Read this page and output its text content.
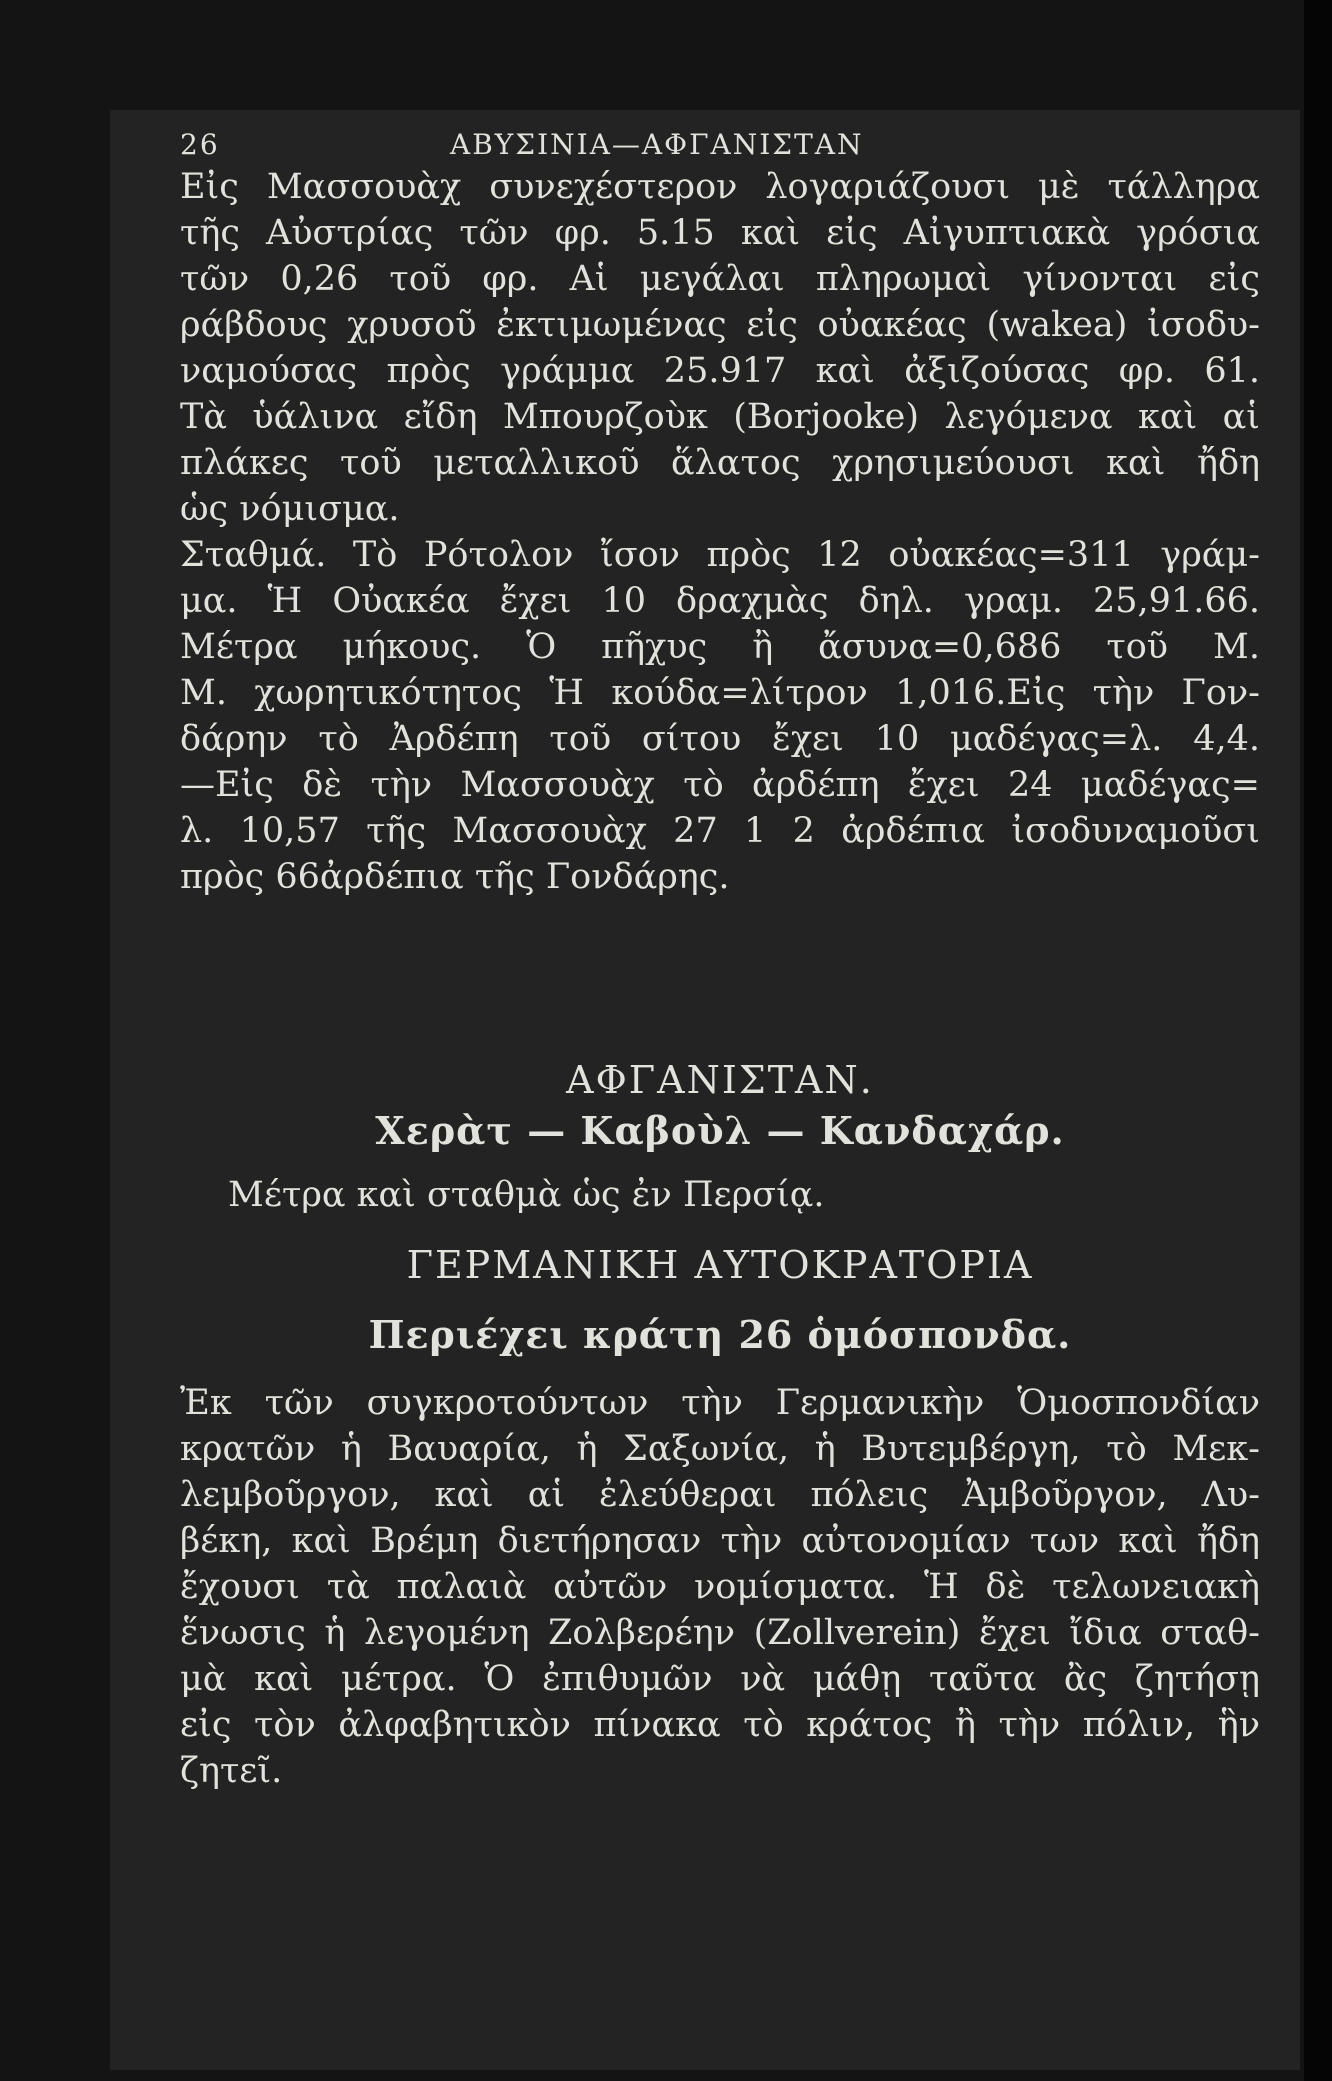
26	ΑΒΥΣΙΝΙΑ—ΑΦΓΑΝΙΣΤΑΝ
Εἰς Μασσουὰχ συνεχέστερον λογαριάζουσι μὲ τάλληρα
τῆς Αὐστρίας τῶν φρ. 5.15 καὶ εἰς Αἰγυπτιακὰ γρόσια
τῶν 0,26 τοῦ φρ. Αἱ μεγάλαι πληρωμαὶ γίνονται εἰς
ράβδους χρυσοῦ ἐκτιμωμένας εἰς οὐακέας (wakea) ἰσοδυ-
ναμούσας πρὸς γράμμα 25.917 καὶ ἀξιζούσας φρ. 61.
Τὰ ὑάλινα εἴδη Μπουρζοὺκ (Borjooke) λεγόμενα καὶ αἱ
πλάκες τοῦ μεταλλικοῦ ἅλατος χρησιμεύουσι καὶ ἤδη
ὡς νόμισμα.
Σταθμά. Τὸ Ρότολον ἴσον πρὸς 12 οὐακέας=311 γράμ-
μα. Ἡ Οὐακέα ἔχει 10 δραχμὰς δηλ. γραμ. 25,91.66.
Μέτρα μήκους. Ὁ πῆχυς ἢ ἄσυνα=0,686 τοῦ Μ.
Μ. χωρητικότητος Ἡ κούδα=λίτρον 1,016.Εἰς τὴν Γον-
δάρην τὸ Ἀρδέπη τοῦ σίτου ἔχει 10 μαδέγας=λ. 4,4.
—Εἰς δὲ τὴν Μασσουὰχ τὸ ἀρδέπη ἔχει 24 μαδέγας=
λ. 10,57 τῆς Μασσουὰχ 27 1 2 ἀρδέπια ἰσοδυναμοῦσι
πρὸς 66ἀρδέπια τῆς Γονδάρης.
ΑΦΓΑΝΙΣΤΑΝ.
Χερὰτ — Καβοὺλ — Κανδαχάρ.
Μέτρα καὶ σταθμὰ ὡς ἐν Περσίᾳ.
ΓΕΡΜΑΝΙΚΗ ΑΥΤΟΚΡΑΤΟΡΙΑ
Περιέχει κράτη 26 ὁμόσπονδα.
Ἐκ τῶν συγκροτούντων τὴν Γερμανικὴν Ὁμοσπονδίαν
κρατῶν ἡ Βαυαρία, ἡ Σαξωνία, ἡ Βυτεμβέργη, τὸ Μεκ-
λεμβοῦργον, καὶ αἱ ἐλεύθεραι πόλεις Ἀμβοῦργον, Λυ-
βέκη, καὶ Βρέμη διετήρησαν τὴν αὐτονομίαν των καὶ ἤδη
ἔχουσι τὰ παλαιὰ αὐτῶν νομίσματα. Ἡ δὲ τελωνειακὴ
ἕνωσις ἡ λεγομένη Ζολβερέην (Zollverein) ἔχει ἴδια σταθ-
μὰ καὶ μέτρα. Ὁ ἐπιθυμῶν νὰ μάθῃ ταῦτα ἂς ζητήσῃ
εἰς τὸν ἀλφαβητικὸν πίνακα τὸ κράτος ἢ τὴν πόλιν, ἣν
ζητεῖ.
